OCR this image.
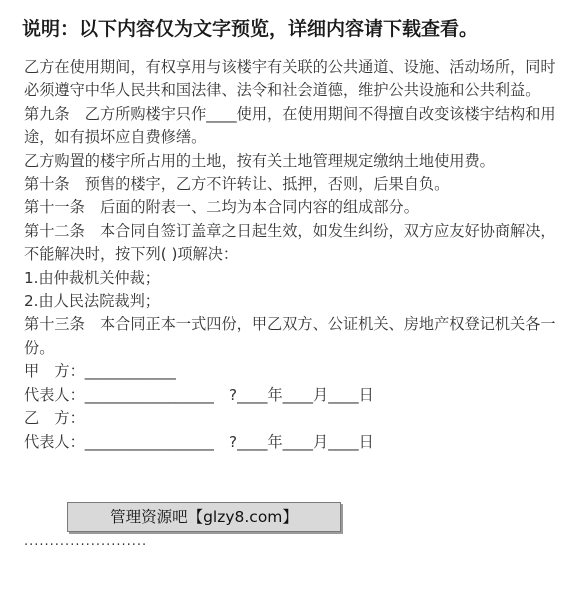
说明：以下内容仅为文字预览，详细内容请下载查看。

乙方在使用期间，有权享用与该楼宇有关联的公共通道、设施、活动场所，同时必须遵守中华人民共和国法律、法令和社会道德，维护公共设施和公共利益。

第九条　乙方所购楼宇只作____使用，在使用期间不得擅自改变该楼宇结构和用途，如有损坏应自费修缮。

乙方购置的楼宇所占用的土地，按有关土地管理规定缴纳土地使用费。

第十条　预售的楼宇，乙方不许转让、抵押，否则，后果自负。

第十一条　后面的附表一、二均为本合同内容的组成部分。

第十二条　本合同自签订盖章之日起生效，如发生纠纷，双方应友好协商解决，不能解决时，按下列( )项解决：

1.由仲裁机关仲裁；

2.由人民法院裁判；

第十三条　本合同正本一式四份，甲乙双方、公证机关、房地产权登记机关各一份。

甲　方：____________

代表人：_________________　?____年____月____日

乙　方：

代表人：_________________　?____年____月____日

管理资源吧【glzy8.com】
........................
